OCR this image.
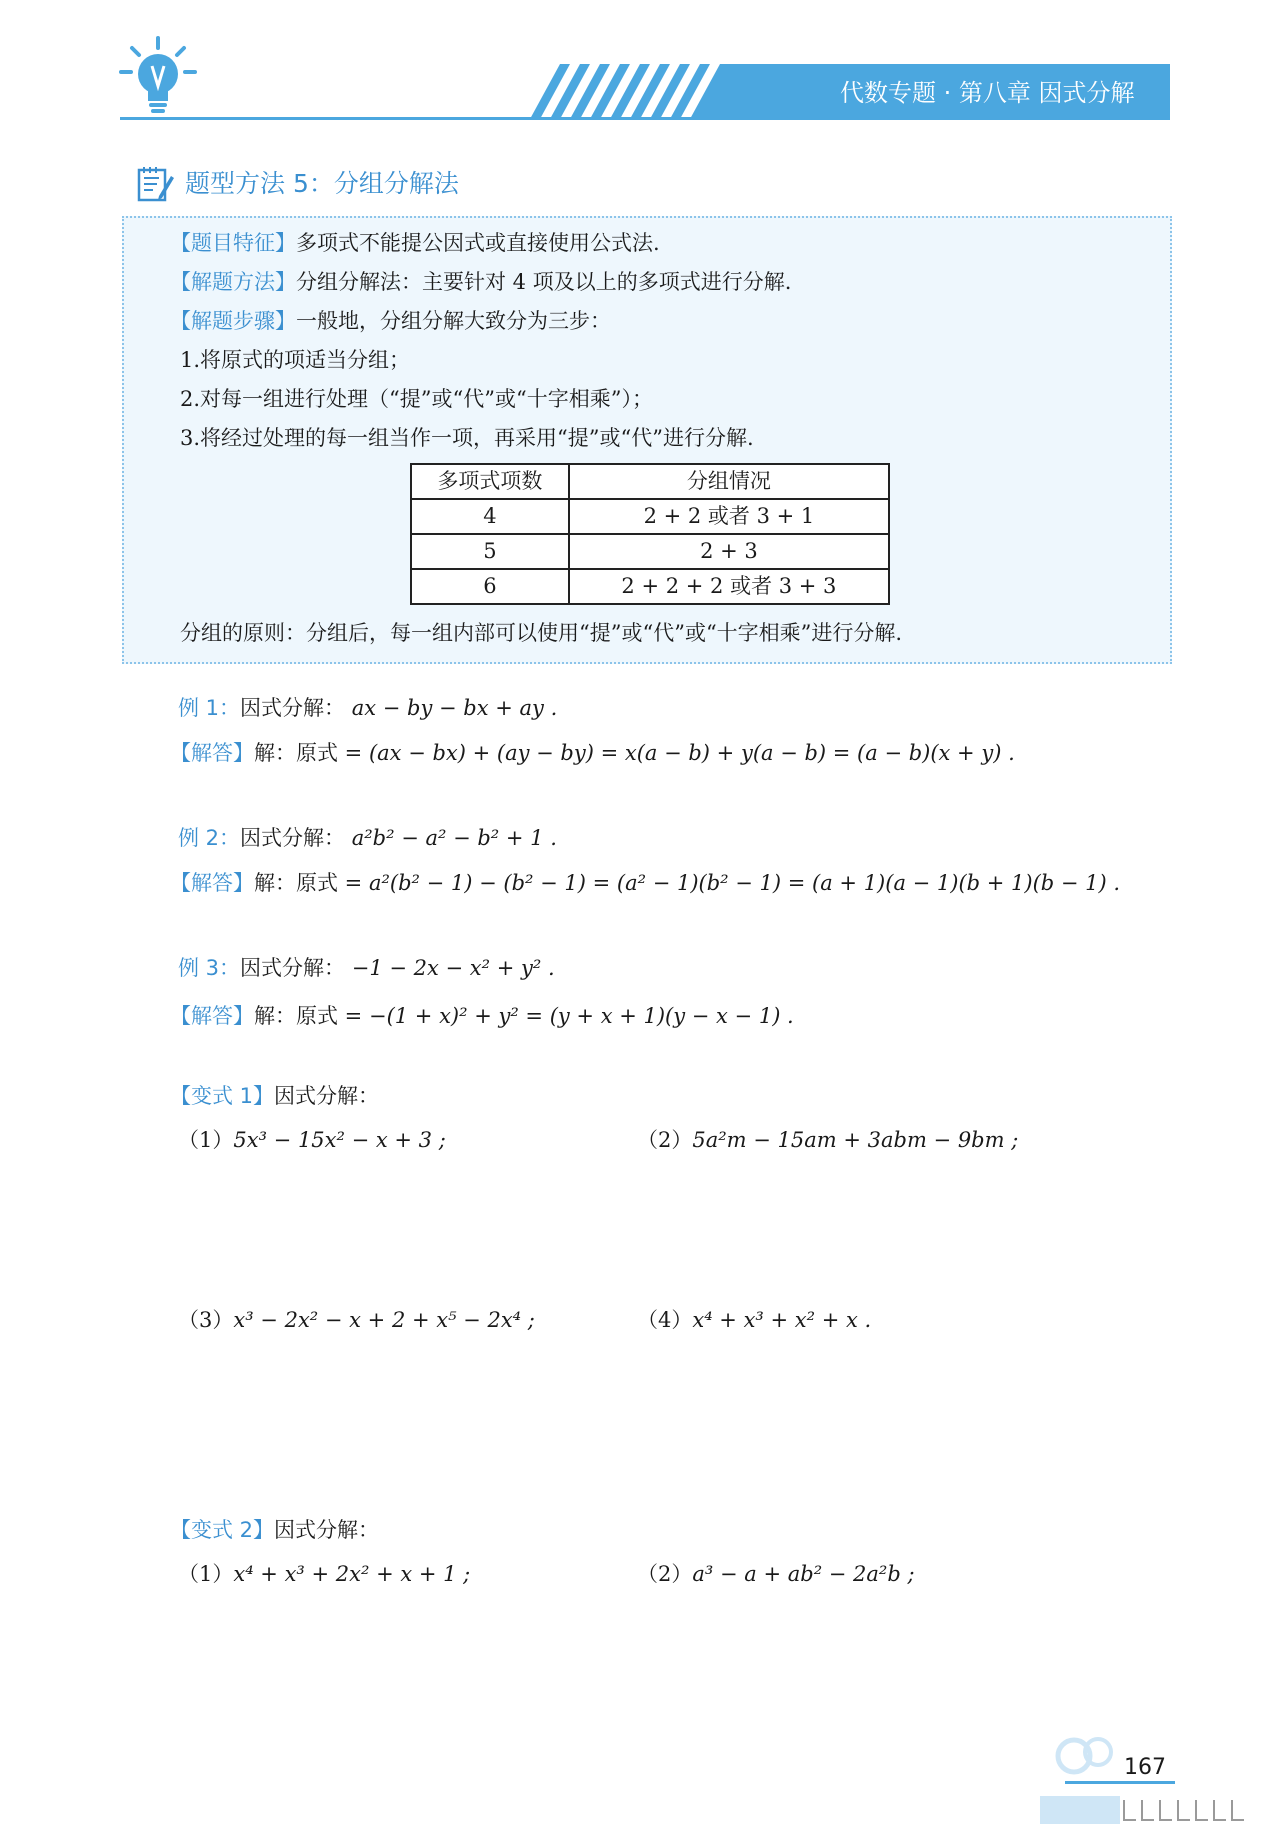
代数专题 · 第八章 因式分解
题型方法 5：分组分解法
【题目特征】多项式不能提公因式或直接使用公式法.
【解题方法】分组分解法：主要针对 4 项及以上的多项式进行分解.
【解题步骤】一般地，分组分解大致分为三步：
1.将原式的项适当分组；
2.对每一组进行处理（“提”或“代”或“十字相乘”）；
3.将经过处理的每一组当作一项，再采用“提”或“代”进行分解.
多项式项数	分组情况
4	2 + 2 或者 3 + 1
5	2 + 3
6	2 + 2 + 2 或者 3 + 3
分组的原则：分组后，每一组内部可以使用“提”或“代”或“十字相乘”进行分解.
例 1：因式分解： ax − by − bx + ay .
【解答】解：原式 = (ax − bx) + (ay − by) = x(a − b) + y(a − b) = (a − b)(x + y) .
例 2：因式分解： a²b² − a² − b² + 1 .
【解答】解：原式 = a²(b² − 1) − (b² − 1) = (a² − 1)(b² − 1) = (a + 1)(a − 1)(b + 1)(b − 1) .
例 3：因式分解： −1 − 2x − x² + y² .
【解答】解：原式 = −(1 + x)² + y² = (y + x + 1)(y − x − 1) .
【变式 1】因式分解：
（1）5x³ − 15x² − x + 3 ;	（2）5a²m − 15am + 3abm − 9bm ;
（3）x³ − 2x² − x + 2 + x⁵ − 2x⁴ ;	（4）x⁴ + x³ + x² + x .
【变式 2】因式分解：
（1）x⁴ + x³ + 2x² + x + 1 ;	（2）a³ − a + ab² − 2a²b ;
167
